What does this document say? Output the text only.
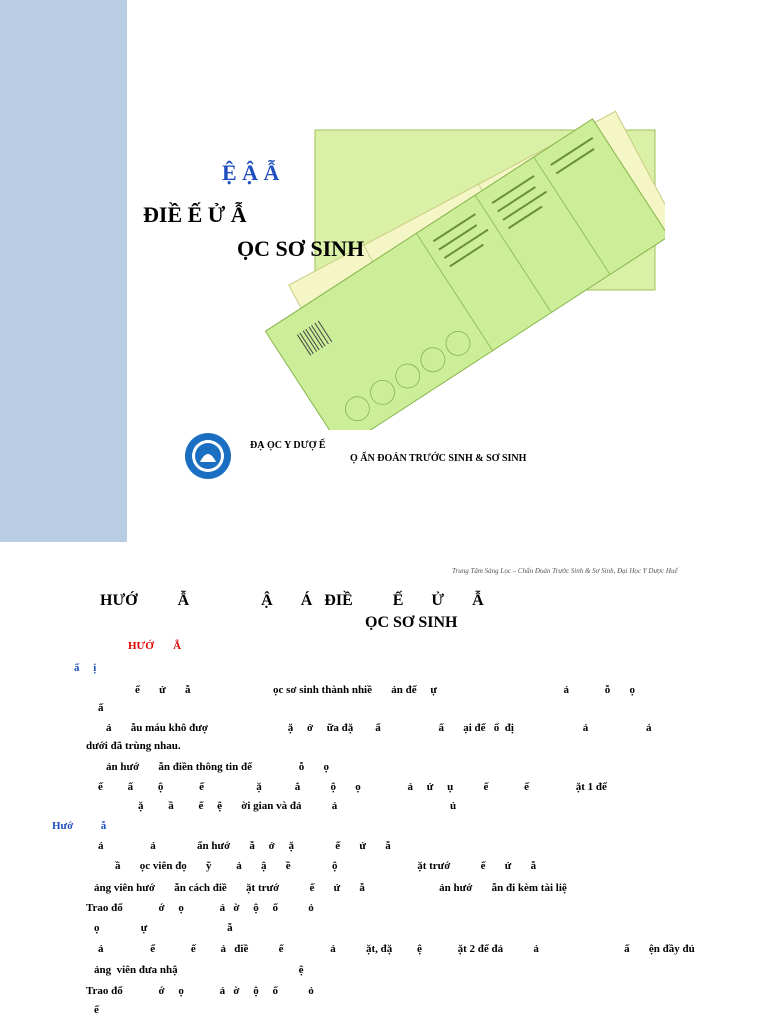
Ệ Ậ Ẫ
ĐIỀ Ế Ử Ẫ
ỌC SƠ SINH
ĐẠ ỌC Y DƯỢ Ế
Ọ ẨN ĐOÁN TRƯỚC SINH & SƠ SINH
Trung Tâm Sàng Lọc – Chẩn Đoán Trước Sinh & Sơ Sinh, Đại Học Y Dược Huế
HƯỚ          Ẫ                  Ậ       Á   ĐIỀ          Ế       Ử       Ẫ
ỌC SƠ SINH
HƯỚ       Ẫ
ấ     ị
ế       ử       ẫ                              ọc sơ sinh thành nhiề       ản để     ự                                              ả             ỗ       ọ
ấ
ả       ẫu máu khô đượ                             ặ     ở     ữa đặ        ấ                     ấ       ại để   ố  đị                         ả                     ả
dưới đã trùng nhau.
ản hướ       ẫn điền thông tin để                 ỗ       ọ
ế         ấ         ộ             ế                   ặ            ắ           ộ       ọ                 ả     ử     ụ           ế             ế                 ặt 1 để
ặ         ầ         ế     ệ       ời gian và đả           ả                                         ủ
Hướ          ẫ
ả                 ả               ẩn hướ       ẫ     ở     ặ               ế       ử       ẫ
ầ       ọc viên đọ       ỹ         ả       ậ       ề               ộ                             ặt trướ           ế       ử       ẫ
ảng viên hướ       ẫn cách điề       ặt trướ           ế       ử       ẫ                           ản hướ       ẫn đi kèm tài liệ
Trao đổ             ớ     ọ             ả   ờ     ộ     ố           ỏ
ọ               ự                             ẫ
ả                 ể             ế         ả   điề           ế                 ả           ặt, đặ         ệ             ặt 2 để đả           ả                               ấ       ện đầy đủ
ảng  viên đưa nhậ                                            ệ
Trao đổ             ớ     ọ             ả   ờ     ộ     ố           ỏ
ế
